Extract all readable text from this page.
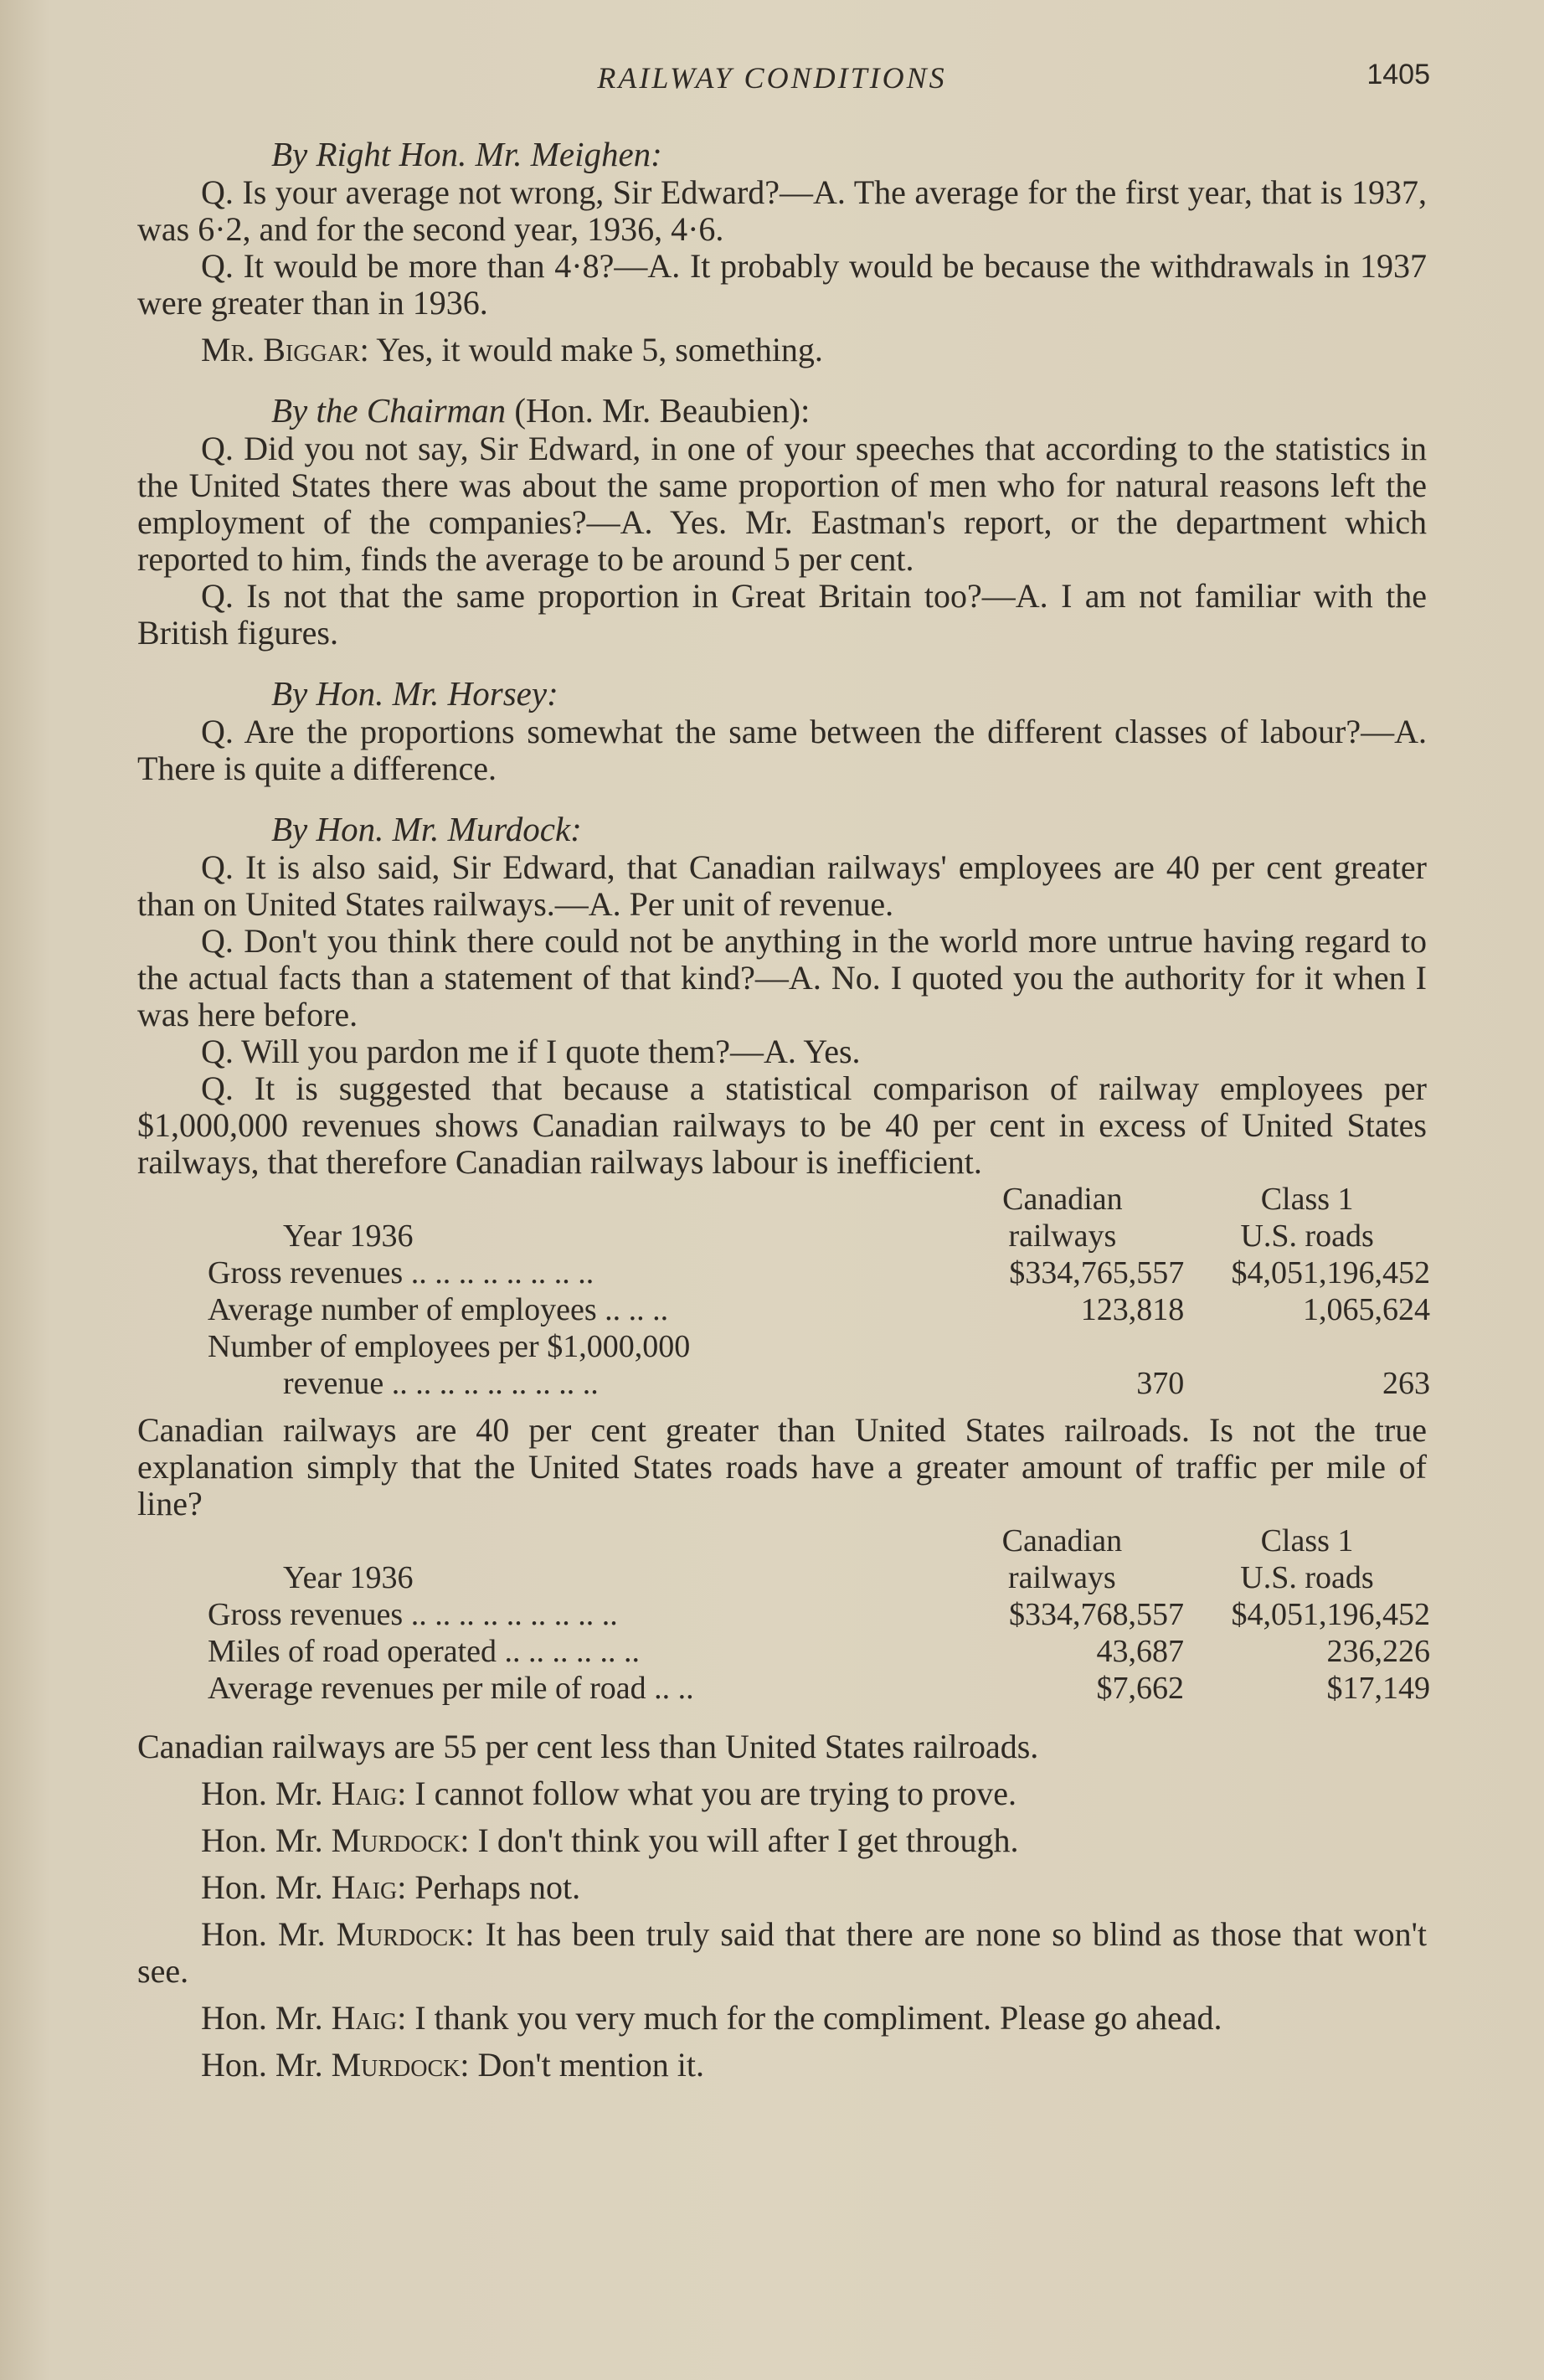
RAILWAY CONDITIONS	1405
By Right Hon. Mr. Meighen:

Q. Is your average not wrong, Sir Edward?—A. The average for the first year, that is 1937, was 6·2, and for the second year, 1936, 4·6.

Q. It would be more than 4·8?—A. It probably would be because the withdrawals in 1937 were greater than in 1936.

Mr. Biggar: Yes, it would make 5, something.

By the Chairman (Hon. Mr. Beaubien):

Q. Did you not say, Sir Edward, in one of your speeches that according to the statistics in the United States there was about the same proportion of men who for natural reasons left the employment of the companies?—A. Yes. Mr. Eastman's report, or the department which reported to him, finds the average to be around 5 per cent.

Q. Is not that the same proportion in Great Britain too?—A. I am not familiar with the British figures.

By Hon. Mr. Horsey:

Q. Are the proportions somewhat the same between the different classes of labour?—A. There is quite a difference.

By Hon. Mr. Murdock:

Q. It is also said, Sir Edward, that Canadian railways' employees are 40 per cent greater than on United States railways.—A. Per unit of revenue.

Q. Don't you think there could not be anything in the world more untrue having regard to the actual facts than a statement of that kind?—A. No. I quoted you the authority for it when I was here before.

Q. Will you pardon me if I quote them?—A. Yes.

Q. It is suggested that because a statistical comparison of railway employees per $1,000,000 revenues shows Canadian railways to be 40 per cent in excess of United States railways, that therefore Canadian railways labour is inefficient.

	Canadian	Class 1
Year 1936	railways	U.S. roads
Gross revenues .. .. .. .. .. .. .. ..	$334,765,557	$4,051,196,452
Average number of employees .. .. ..	123,818	1,065,624
Number of employees per $1,000,000		
revenue .. .. .. .. .. .. .. .. ..	370	263

Canadian railways are 40 per cent greater than United States railroads. Is not the true explanation simply that the United States roads have a greater amount of traffic per mile of line?

	Canadian	Class 1
Year 1936	railways	U.S. roads
Gross revenues .. .. .. .. .. .. .. .. ..	$334,768,557	$4,051,196,452
Miles of road operated .. .. .. .. .. ..	43,687	236,226
Average revenues per mile of road .. ..	$7,662	$17,149

Canadian railways are 55 per cent less than United States railroads.

Hon. Mr. Haig: I cannot follow what you are trying to prove.

Hon. Mr. Murdock: I don't think you will after I get through.

Hon. Mr. Haig: Perhaps not.

Hon. Mr. Murdock: It has been truly said that there are none so blind as those that won't see.

Hon. Mr. Haig: I thank you very much for the compliment. Please go ahead.

Hon. Mr. Murdock: Don't mention it.
